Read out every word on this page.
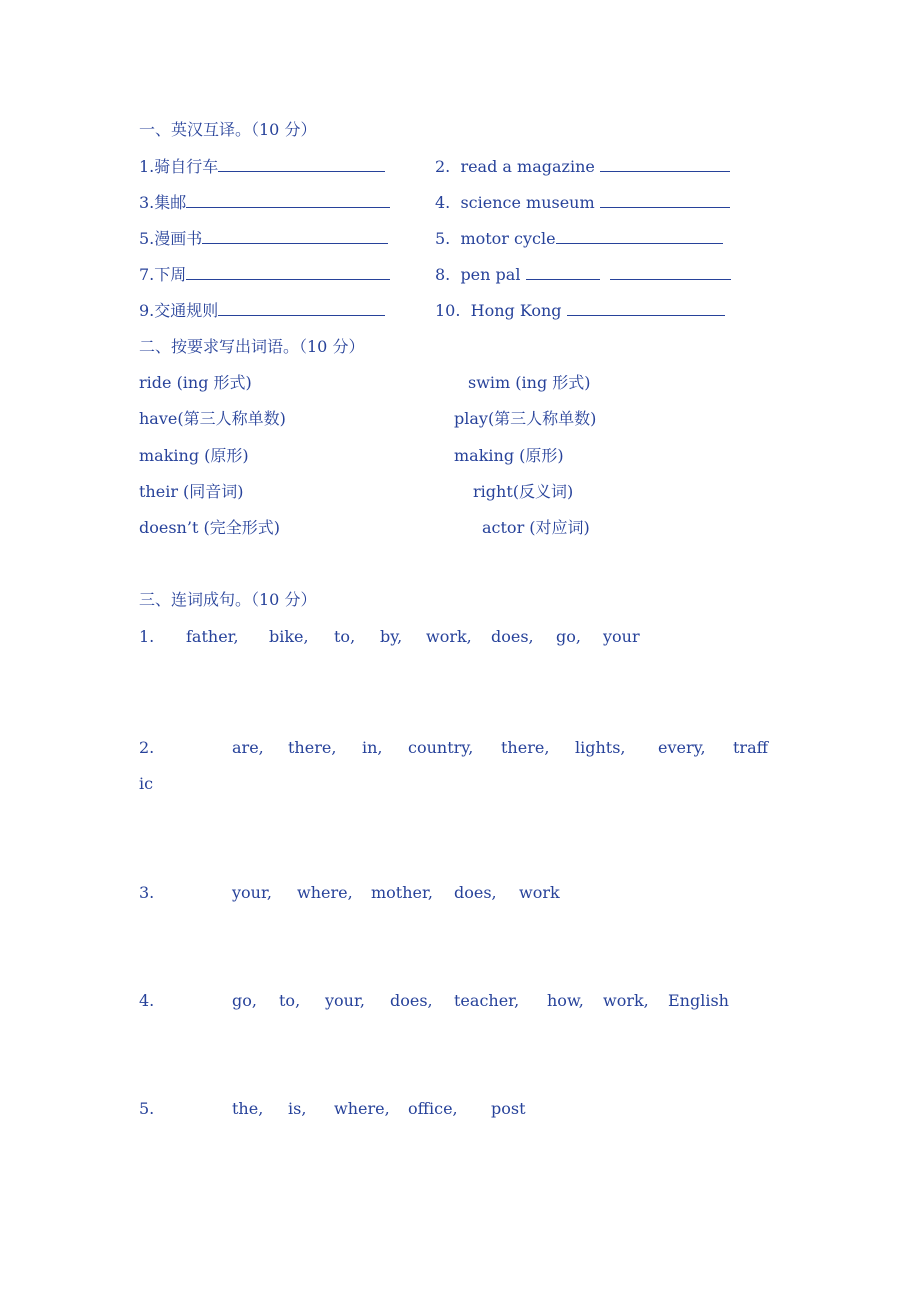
一、英汉互译。（10 分）
1.骑自行车	2.  read a magazine
3.集邮	4.  science museum
5.漫画书	5.  motor cycle
7.下周	8.  pen pal
9.交通规则	10.  Hong Kong
二、按要求写出词语。（10 分）
ride (ing 形式)	swim (ing 形式)
have(第三人称单数)	play(第三人称单数)
making (原形)	making (原形)
their (同音词)	right(反义词)
doesn’t (完全形式)	actor (对应词)
三、连词成句。（10 分）
1. father, bike, to, by, work, does, go, your
2.	are, there, in, country, there, lights, every, traff
ic
3.	your, where, mother, does, work
4.	go, to, your, does, teacher, how, work, English
5.	the, is, where, office, post
